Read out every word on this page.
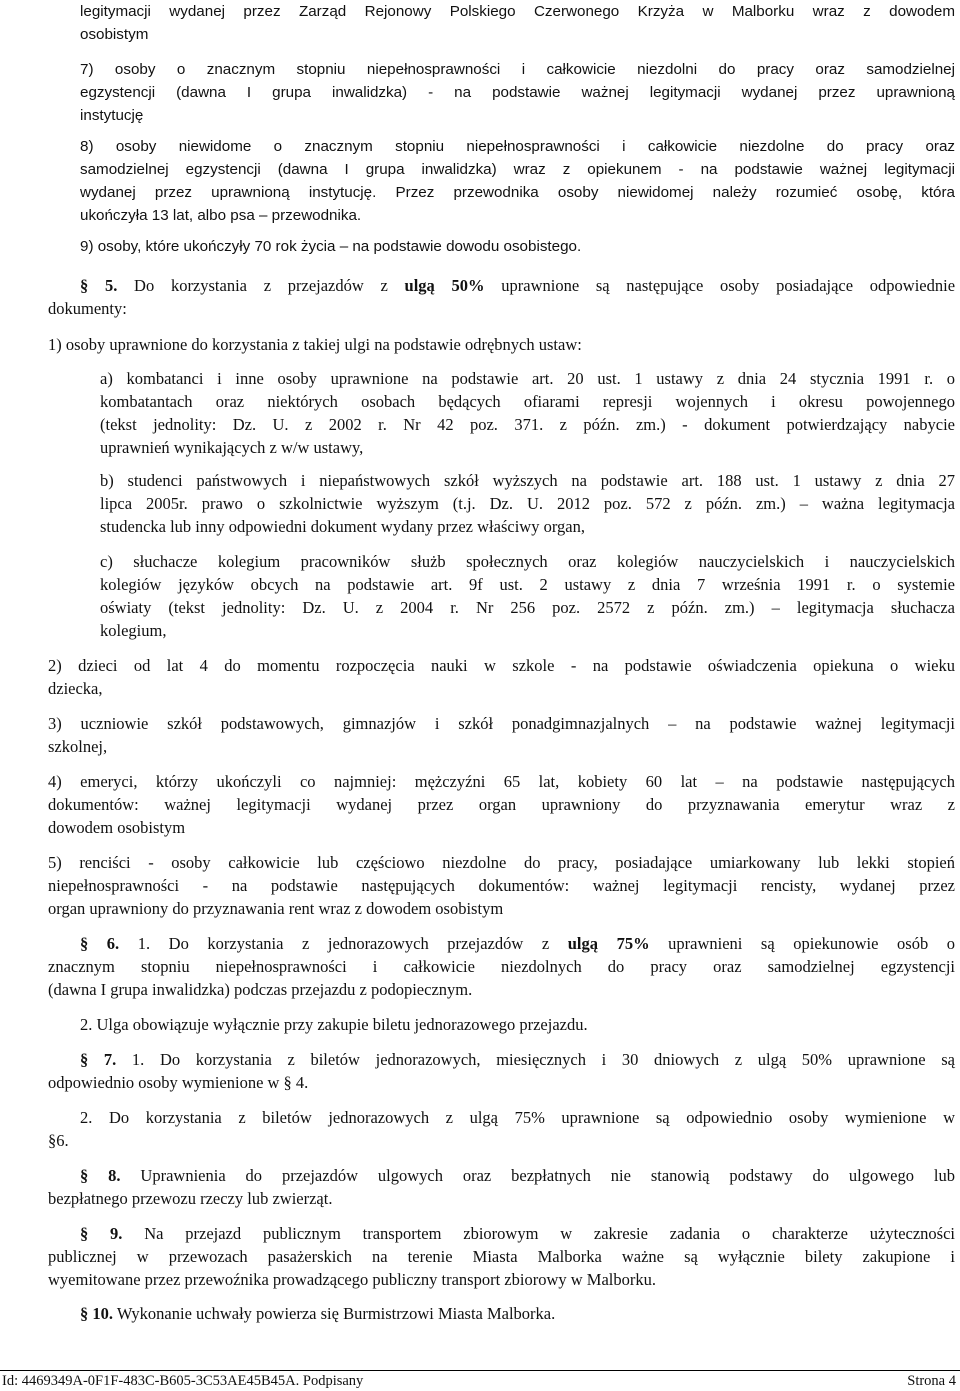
legitymacji wydanej przez Zarząd Rejonowy Polskiego Czerwonego Krzyża w Malborku wraz z dowodem
osobistym
7) osoby o znacznym stopniu niepełnosprawności i całkowicie niezdolni do pracy oraz samodzielnej
egzystencji (dawna I grupa inwalidzka) - na podstawie ważnej legitymacji wydanej przez uprawnioną
instytucję
8) osoby niewidome o znacznym stopniu niepełnosprawności i całkowicie niezdolne do pracy oraz
samodzielnej egzystencji (dawna I grupa inwalidzka) wraz z opiekunem - na podstawie ważnej legitymacji
wydanej przez uprawnioną instytucję. Przez przewodnika osoby niewidomej należy rozumieć osobę, która
ukończyła 13 lat, albo psa – przewodnika.
9) osoby, które ukończyły 70 rok życia – na podstawie dowodu osobistego.
§ 5. Do korzystania z przejazdów z ulgą 50% uprawnione są następujące osoby posiadające odpowiednie
dokumenty:
1) osoby uprawnione do korzystania z takiej ulgi na podstawie odrębnych ustaw:
a) kombatanci i inne osoby uprawnione na podstawie art. 20 ust. 1 ustawy z dnia 24 stycznia 1991 r. o
kombatantach oraz niektórych osobach będących ofiarami represji wojennych i okresu powojennego
(tekst jednolity: Dz. U. z 2002 r. Nr 42 poz. 371. z późn. zm.) - dokument potwierdzający nabycie
uprawnień wynikających z w/w ustawy,
b) studenci państwowych i niepaństwowych szkół wyższych na podstawie art. 188 ust. 1 ustawy z dnia 27
lipca 2005r. prawo o szkolnictwie wyższym (t.j. Dz. U. 2012 poz. 572 z późn. zm.) – ważna legitymacja
studencka lub inny odpowiedni dokument wydany przez właściwy organ,
c) słuchacze kolegium pracowników służb społecznych oraz kolegiów nauczycielskich i nauczycielskich
kolegiów języków obcych na podstawie art. 9f ust. 2 ustawy z dnia 7 września 1991 r. o systemie
oświaty (tekst jednolity: Dz. U. z 2004 r. Nr 256 poz. 2572 z późn. zm.) – legitymacja słuchacza
kolegium,
2) dzieci od lat 4 do momentu rozpoczęcia nauki w szkole - na podstawie oświadczenia opiekuna o wieku
dziecka,
3) uczniowie szkół podstawowych, gimnazjów i szkół ponadgimnazjalnych – na podstawie ważnej legitymacji
szkolnej,
4) emeryci, którzy ukończyli co najmniej: mężczyźni 65 lat, kobiety 60 lat – na podstawie następujących
dokumentów: ważnej legitymacji wydanej przez organ uprawniony do przyznawania emerytur wraz z
dowodem osobistym
5) renciści - osoby całkowicie lub częściowo niezdolne do pracy, posiadające umiarkowany lub lekki stopień
niepełnosprawności - na podstawie następujących dokumentów: ważnej legitymacji rencisty, wydanej przez
organ uprawniony do przyznawania rent wraz z dowodem osobistym
§ 6. 1. Do korzystania z jednorazowych przejazdów z ulgą 75% uprawnieni są opiekunowie osób o
znacznym stopniu niepełnosprawności i całkowicie niezdolnych do pracy oraz samodzielnej egzystencji
(dawna I grupa inwalidzka) podczas przejazdu z podopiecznym.
2. Ulga obowiązuje wyłącznie przy zakupie biletu jednorazowego przejazdu.
§ 7. 1. Do korzystania z biletów jednorazowych, miesięcznych i 30 dniowych z ulgą 50% uprawnione są
odpowiednio osoby wymienione w § 4.
2. Do korzystania z biletów jednorazowych z ulgą 75% uprawnione są odpowiednio osoby wymienione w
§6.
§ 8. Uprawnienia do przejazdów ulgowych oraz bezpłatnych nie stanowią podstawy do ulgowego lub
bezpłatnego przewozu rzeczy lub zwierząt.
§ 9. Na przejazd publicznym transportem zbiorowym w zakresie zadania o charakterze użyteczności
publicznej w przewozach pasażerskich na terenie Miasta Malborka ważne są wyłącznie bilety zakupione i
wyemitowane przez przewoźnika prowadzącego publiczny transport zbiorowy w Malborku.
§ 10. Wykonanie uchwały powierza się Burmistrzowi Miasta Malborka.
Id: 4469349A-0F1F-483C-B605-3C53AE45B45A. Podpisany	Strona 4
